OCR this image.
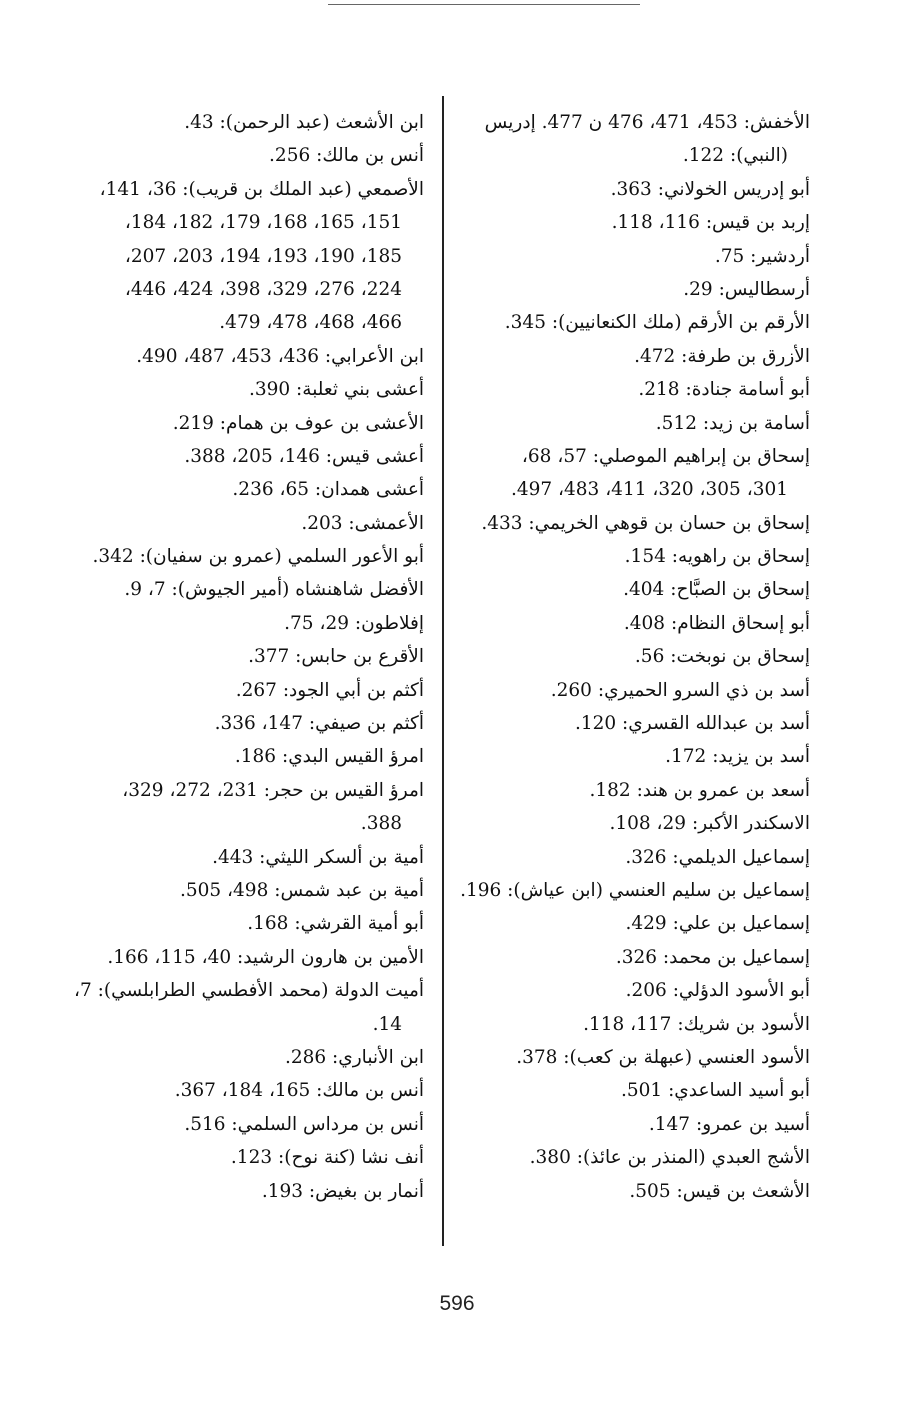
الأخفش: 453، 471، 476 ن 477. إدريس
(النبي): 122.
أبو إدريس الخولاني: 363.
إربد بن قيس: 116، 118.
أردشير: 75.
أرسطاليس: 29.
الأرقم بن الأرقم (ملك الكنعانيين): 345.
الأزرق بن طرفة: 472.
أبو أسامة جنادة: 218.
أسامة بن زيد: 512.
إسحاق بن إبراهيم الموصلي: 57، 68،
301، 305، 320، 411، 483، 497.
إسحاق بن حسان بن قوهي الخريمي: 433.
إسحاق بن راهويه: 154.
إسحاق بن الصبَّاح: 404.
أبو إسحاق النظام: 408.
إسحاق بن نوبخت: 56.
أسد بن ذي السرو الحميري: 260.
أسد بن عبدالله القسري: 120.
أسد بن يزيد: 172.
أسعد بن عمرو بن هند: 182.
الاسكندر الأكبر: 29، 108.
إسماعيل الديلمي: 326.
إسماعيل بن سليم العنسي (ابن عياش): 196.
إسماعيل بن علي: 429.
إسماعيل بن محمد: 326.
أبو الأسود الدؤلي: 206.
الأسود بن شريك: 117، 118.
الأسود العنسي (عبهلة بن كعب): 378.
أبو أسيد الساعدي: 501.
أسيد بن عمرو: 147.
الأشج العبدي (المنذر بن عائذ): 380.
الأشعث بن قيس: 505.
ابن الأشعث (عبد الرحمن): 43.
أنس بن مالك: 256.
الأصمعي (عبد الملك بن قريب): 36، 141،
151، 165، 168، 179، 182، 184،
185، 190، 193، 194، 203، 207،
224، 276، 329، 398، 424، 446،
466، 468، 478، 479.
ابن الأعرابي: 436، 453، 487، 490.
أعشى بني ثعلبة: 390.
الأعشى بن عوف بن همام: 219.
أعشى قيس: 146، 205، 388.
أعشى همدان: 65، 236.
الأعمشى: 203.
أبو الأعور السلمي (عمرو بن سفيان): 342.
الأفضل شاهنشاه (أمير الجيوش): 7، 9.
إفلاطون: 29، 75.
الأقرع بن حابس: 377.
أكثم بن أبي الجود: 267.
أكثم بن صيفي: 147، 336.
امرؤ القيس البدي: 186.
امرؤ القيس بن حجر: 231، 272، 329،
388.
أمية بن ألسكر الليثي: 443.
أمية بن عبد شمس: 498، 505.
أبو أمية القرشي: 168.
الأمين بن هارون الرشيد: 40، 115، 166.
أميت الدولة (محمد الأفطسي الطرابلسي): 7،
14.
ابن الأنباري: 286.
أنس بن مالك: 165، 184، 367.
أنس بن مرداس السلمي: 516.
أنف نشا (كنة نوح): 123.
أنمار بن بغيض: 193.
596
